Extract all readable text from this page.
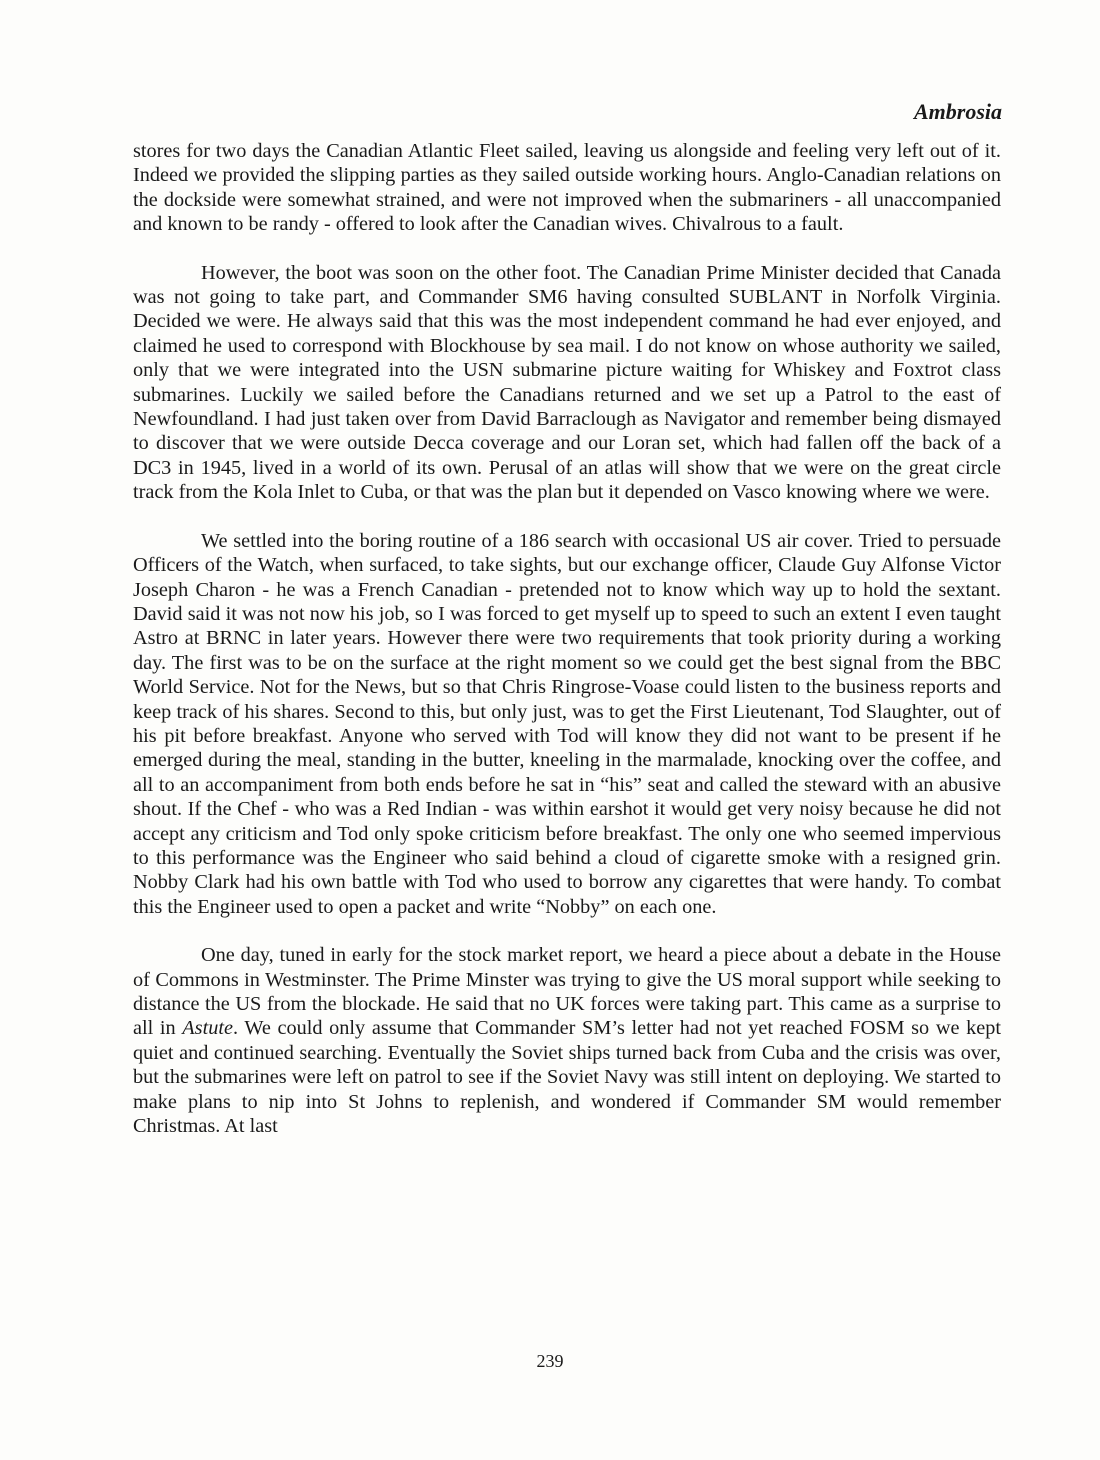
Ambrosia

stores for two days the Canadian Atlantic Fleet sailed, leaving us alongside and feeling very left out of it. Indeed we provided the slipping parties as they sailed outside working hours. Anglo-Canadian relations on the dockside were somewhat strained, and were not improved when the submariners - all unaccompanied and known to be randy - offered to look after the Canadian wives. Chivalrous to a fault.

However, the boot was soon on the other foot. The Canadian Prime Minister decided that Canada was not going to take part, and Commander SM6 having consulted SUBLANT in Norfolk Virginia. Decided we were. He always said that this was the most independent command he had ever enjoyed, and claimed he used to correspond with Blockhouse by sea mail. I do not know on whose authority we sailed, only that we were integrated into the USN submarine picture waiting for Whiskey and Foxtrot class submarines. Luckily we sailed before the Canadians returned and we set up a Patrol to the east of Newfoundland. I had just taken over from David Barraclough as Navigator and remember being dismayed to discover that we were outside Decca coverage and our Loran set, which had fallen off the back of a DC3 in 1945, lived in a world of its own. Perusal of an atlas will show that we were on the great circle track from the Kola Inlet to Cuba, or that was the plan but it depended on Vasco knowing where we were.

We settled into the boring routine of a 186 search with occasional US air cover. Tried to persuade Officers of the Watch, when surfaced, to take sights, but our exchange officer, Claude Guy Alfonse Victor Joseph Charon - he was a French Canadian - pretended not to know which way up to hold the sextant. David said it was not now his job, so I was forced to get myself up to speed to such an extent I even taught Astro at BRNC in later years. However there were two requirements that took priority during a working day. The first was to be on the surface at the right moment so we could get the best signal from the BBC World Service. Not for the News, but so that Chris Ringrose-Voase could listen to the business reports and keep track of his shares. Second to this, but only just, was to get the First Lieutenant, Tod Slaughter, out of his pit before breakfast. Anyone who served with Tod will know they did not want to be present if he emerged during the meal, standing in the butter, kneeling in the marmalade, knocking over the coffee, and all to an accompaniment from both ends before he sat in “his” seat and called the steward with an abusive shout. If the Chef - who was a Red Indian - was within earshot it would get very noisy because he did not accept any criticism and Tod only spoke criticism before breakfast. The only one who seemed impervious to this performance was the Engineer who said behind a cloud of cigarette smoke with a resigned grin. Nobby Clark had his own battle with Tod who used to borrow any cigarettes that were handy. To combat this the Engineer used to open a packet and write “Nobby” on each one.

One day, tuned in early for the stock market report, we heard a piece about a debate in the House of Commons in Westminster. The Prime Minster was trying to give the US moral support while seeking to distance the US from the blockade. He said that no UK forces were taking part. This came as a surprise to all in Astute. We could only assume that Commander SM’s letter had not yet reached FOSM so we kept quiet and continued searching. Eventually the Soviet ships turned back from Cuba and the crisis was over, but the submarines were left on patrol to see if the Soviet Navy was still intent on deploying. We started to make plans to nip into St Johns to replenish, and wondered if Commander SM would remember Christmas. At last

239
